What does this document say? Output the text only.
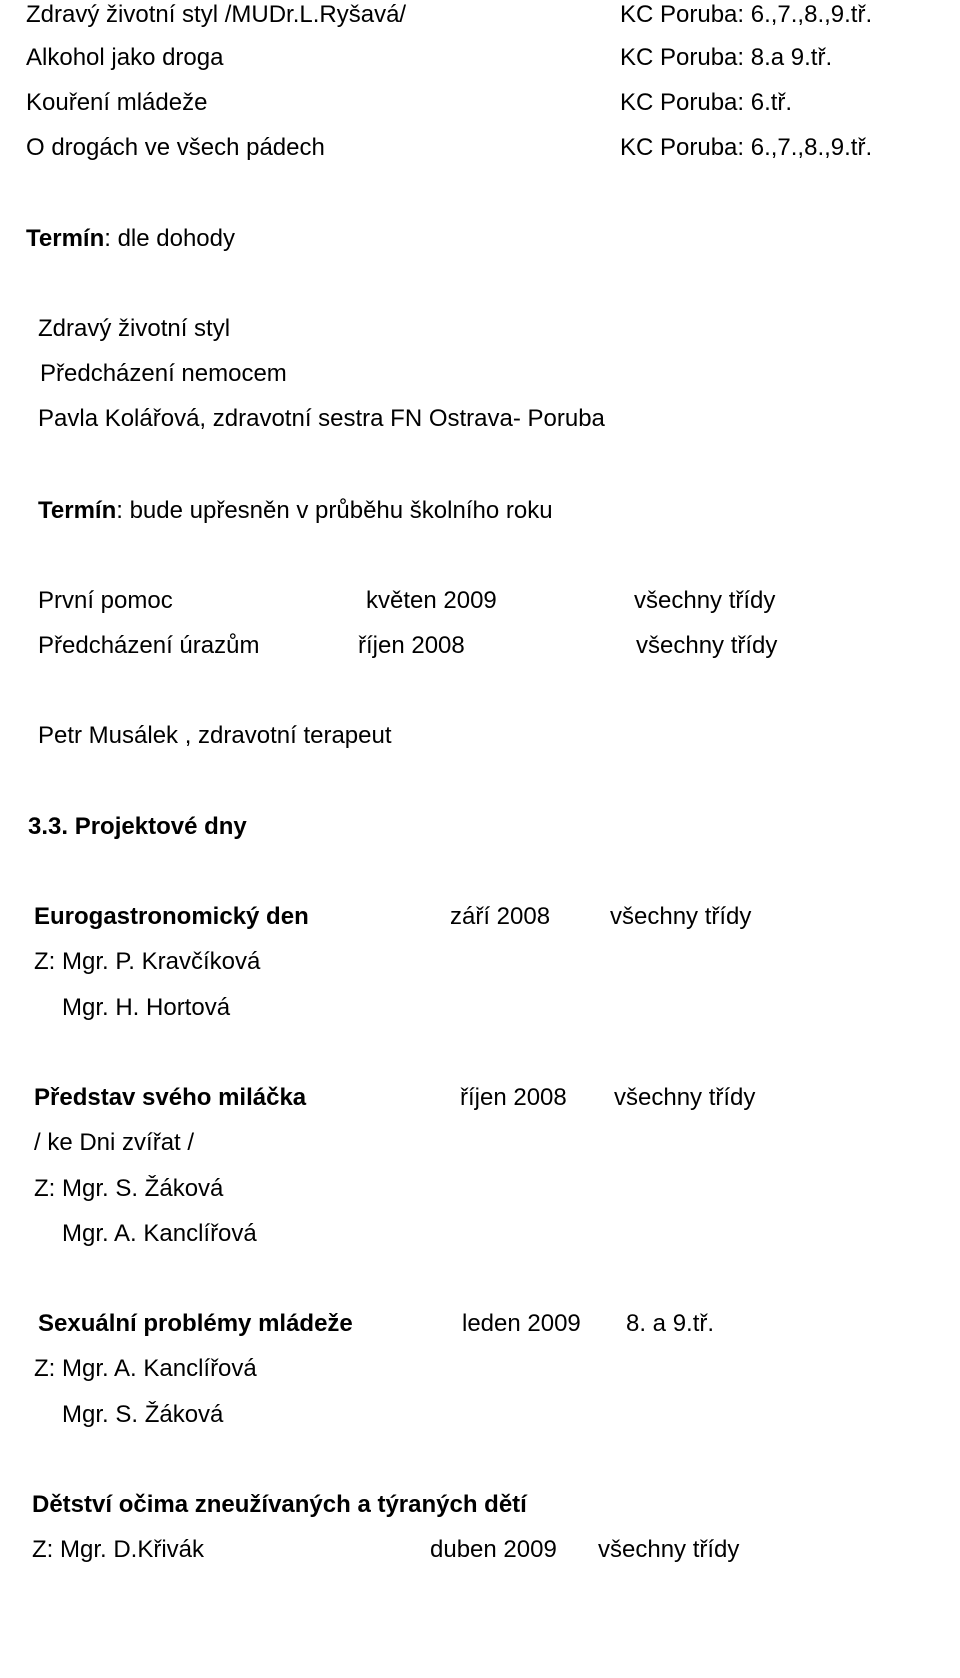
Zdravý životní styl /MUDr.L.Ryšavá/	KC Poruba: 6.,7.,8.,9.tř.
Alkohol jako droga	KC Poruba: 8.a 9.tř.
Kouření mládeže	KC Poruba: 6.tř.
O drogách ve všech pádech	KC Poruba: 6.,7.,8.,9.tř.
Termín: dle dohody
Zdravý životní styl
Předcházení nemocem
Pavla Kolářová, zdravotní sestra FN Ostrava- Poruba
Termín: bude upřesněn v průběhu školního roku
První pomoc	květen 2009	všechny třídy
Předcházení úrazům	říjen 2008	všechny třídy
Petr Musálek , zdravotní terapeut
3.3. Projektové dny
Eurogastronomický den	září 2008 všechny třídy
Z: Mgr. P. Kravčíková
Mgr. H. Hortová
Představ svého miláčka	říjen 2008 všechny třídy
/ ke Dni zvířat /
Z: Mgr. S. Žáková
Mgr. A. Kanclířová
Sexuální problémy mládeže	leden 2009 8. a 9.tř.
Z: Mgr. A. Kanclířová
Mgr. S. Žáková
Dětství očima zneužívaných a týraných dětí
Z: Mgr. D.Křivák	duben 2009 všechny třídy
